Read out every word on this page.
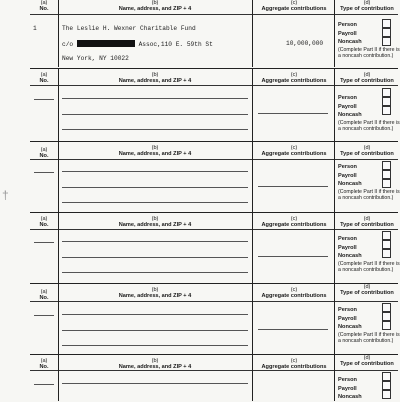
(a)
No.
(b)
Name, address, and ZIP + 4
(c)
Aggregate contributions
(d)
Type of contribution
1	The Leslie H. Wexner Charitable Fund
c/o	Assoc,110 E. 59th St
New York, NY 10022
10,000,000
Person
Payroll
Noncash
(Complete Part II if there is a noncash contribution.)
(a)
No.
(b)
Name, address, and ZIP + 4
(c)
Aggregate contributions
(d)
Type of contribution
Person
Payroll
Noncash
(Complete Part II if there is a noncash contribution.)
(a)
No.
(b)
Name, address, and ZIP + 4
(c)
Aggregate contributions
(d)
Type of contribution
Person
Payroll
Noncash
(Complete Part II if there is a noncash contribution.)
(a)
No.
(b)
Name, address, and ZIP + 4
(c)
Aggregate contributions
(d)
Type of contribution
Person
Payroll
Noncash
(Complete Part II if there is a noncash contribution.)
(a)
No.
(b)
Name, address, and ZIP + 4
(c)
Aggregate contributions
(d)
Type of contribution
Person
Payroll
Noncash
(Complete Part II if there is a noncash contribution.)
(a)
No.
(b)
Name, address, and ZIP + 4
(c)
Aggregate contributions
(d)
Type of contribution
Person
Payroll
Noncash
†
